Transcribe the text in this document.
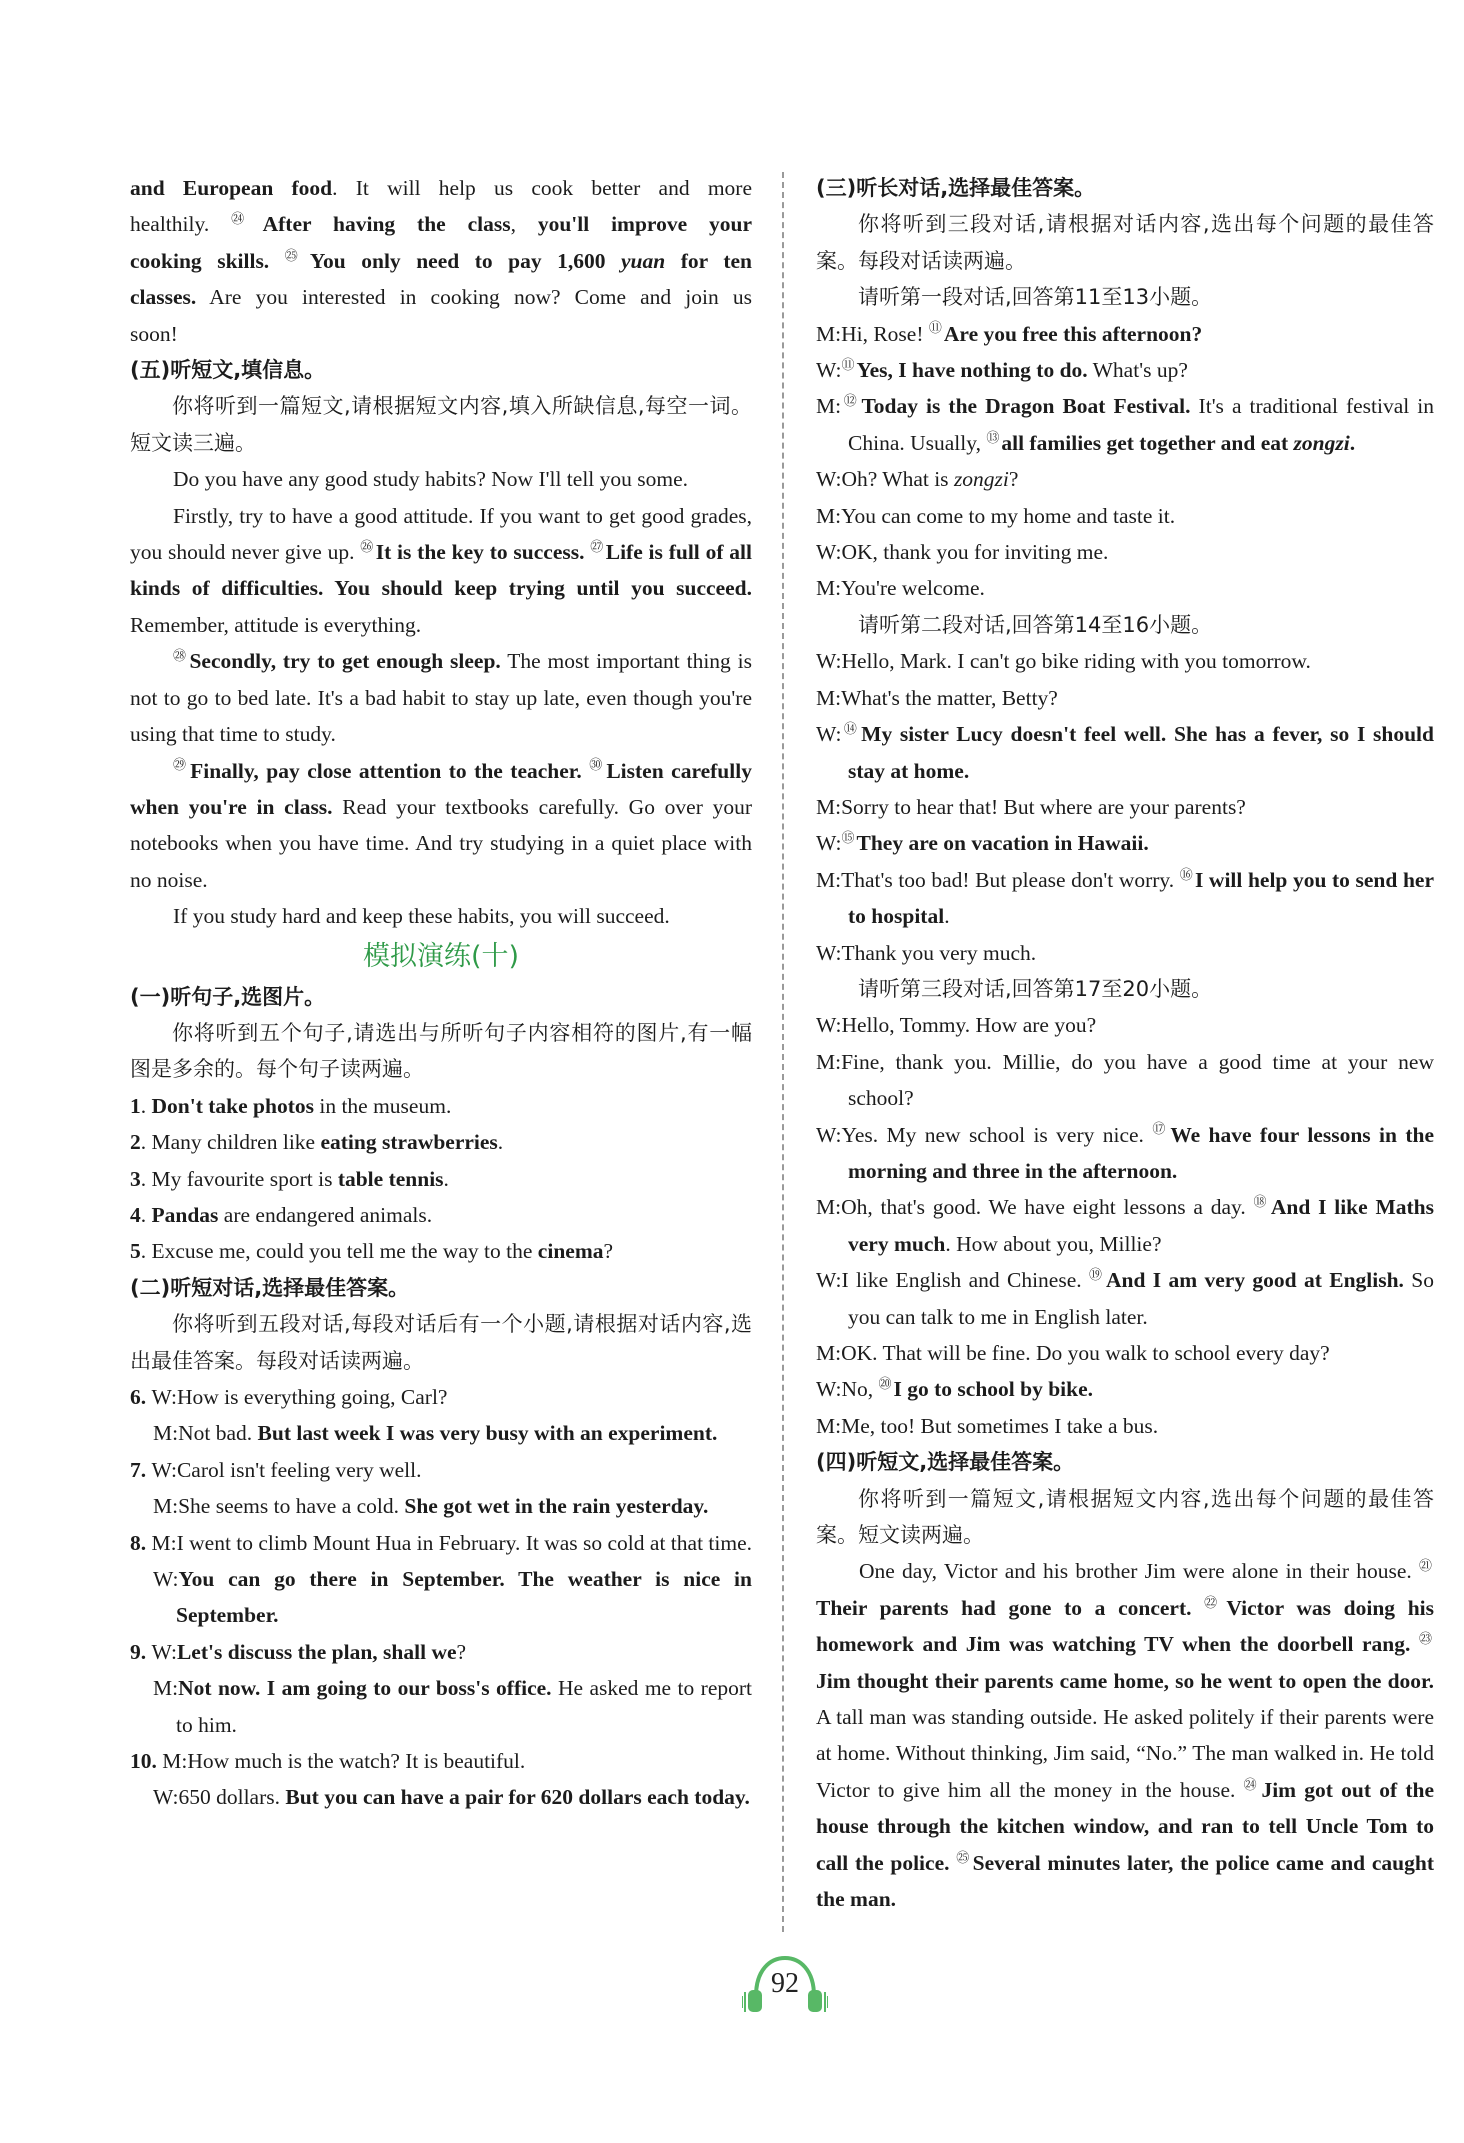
and European food. It will help us cook better and more

healthily. $^㉔$After having the class, you'll improve your

cooking skills. $^㉕$You only need to pay 1,600 yuan for ten

classes. Are you interested in cooking now? Come and join us

soon!

(五)听短文,填信息。

你将听到一篇短文,请根据短文内容,填入所缺信息,每空一词。短文读三遍。

Do you have any good study habits? Now I'll tell you some.

Firstly, try to have a good attitude. If you want to get good grades, you should never give up. $^㉖$It is the key to success. $^㉗$Life is full of all kinds of difficulties. You should keep trying until you succeed. Remember, attitude is everything.

$^㉘$Secondly, try to get enough sleep. The most important thing is not to go to bed late. It's a bad habit to stay up late, even though you're using that time to study.

$^㉙$Finally, pay close attention to the teacher. $^㉚$Listen carefully when you're in class. Read your textbooks carefully. Go over your notebooks when you have time. And try studying in a quiet place with no noise.

If you study hard and keep these habits, you will succeed.

模拟演练(十)

(一)听句子,选图片。

你将听到五个句子,请选出与所听句子内容相符的图片,有一幅图是多余的。每个句子读两遍。

1. Don't take photos in the museum.

2. Many children like eating strawberries.

3. My favourite sport is table tennis.

4. Pandas are endangered animals.

5. Excuse me, could you tell me the way to the cinema?

(二)听短对话,选择最佳答案。

你将听到五段对话,每段对话后有一个小题,请根据对话内容,选出最佳答案。每段对话读两遍。

6. W:How is everything going, Carl?

M:Not bad. But last week I was very busy with an experiment.

7. W:Carol isn't feeling very well.

M:She seems to have a cold. She got wet in the rain yesterday.

8. M:I went to climb Mount Hua in February. It was so cold at that time.

W:You can go there in September. The weather is nice in September.

9. W:Let's discuss the plan, shall we?

M:Not now. I am going to our boss's office. He asked me to report to him.

10. M:How much is the watch? It is beautiful.

W:650 dollars. But you can have a pair for 620 dollars each today.

(三)听长对话,选择最佳答案。

你将听到三段对话,请根据对话内容,选出每个问题的最佳答案。每段对话读两遍。

请听第一段对话,回答第11至13小题。

M:Hi, Rose! ⑪Are you free this afternoon?

W:⑪Yes, I have nothing to do. What's up?

M:⑫Today is the Dragon Boat Festival. It's a traditional festival in China. Usually, ⑬all families get together and eat zongzi.

W:Oh? What is zongzi?

M:You can come to my home and taste it.

W:OK, thank you for inviting me.

M:You're welcome.

请听第二段对话,回答第14至16小题。

W:Hello, Mark. I can't go bike riding with you tomorrow.

M:What's the matter, Betty?

W:⑭My sister Lucy doesn't feel well. She has a fever, so I should stay at home.

M:Sorry to hear that! But where are your parents?

W:⑮They are on vacation in Hawaii.

M:That's too bad! But please don't worry. ⑯I will help you to send her to hospital.

W:Thank you very much.

请听第三段对话,回答第17至20小题。

W:Hello, Tommy. How are you?

M:Fine, thank you. Millie, do you have a good time at your new school?

W:Yes. My new school is very nice. ⑰We have four lessons in the morning and three in the afternoon.

M:Oh, that's good. We have eight lessons a day. ⑱And I like Maths very much. How about you, Millie?

W:I like English and Chinese. ⑲And I am very good at English. So you can talk to me in English later.

M:OK. That will be fine. Do you walk to school every day?

W:No, ⑳I go to school by bike.

M:Me, too! But sometimes I take a bus.

(四)听短文,选择最佳答案。

你将听到一篇短文,请根据短文内容,选出每个问题的最佳答案。短文读两遍。

One day, Victor and his brother Jim were alone in their house. $^㉑$Their parents had gone to a concert. $^㉒$Victor was doing his homework and Jim was watching TV when the doorbell rang. $^㉓$Jim thought their parents came home, so he went to open the door. A tall man was standing outside. He asked politely if their parents were at home. Without thinking, Jim said, “No.” The man walked in. He told Victor to give him all the money in the house. $^㉔$Jim got out of the house through the kitchen window, and ran to tell Uncle Tom to call the police. $^㉕$Several minutes later, the police came and caught the man.

92
